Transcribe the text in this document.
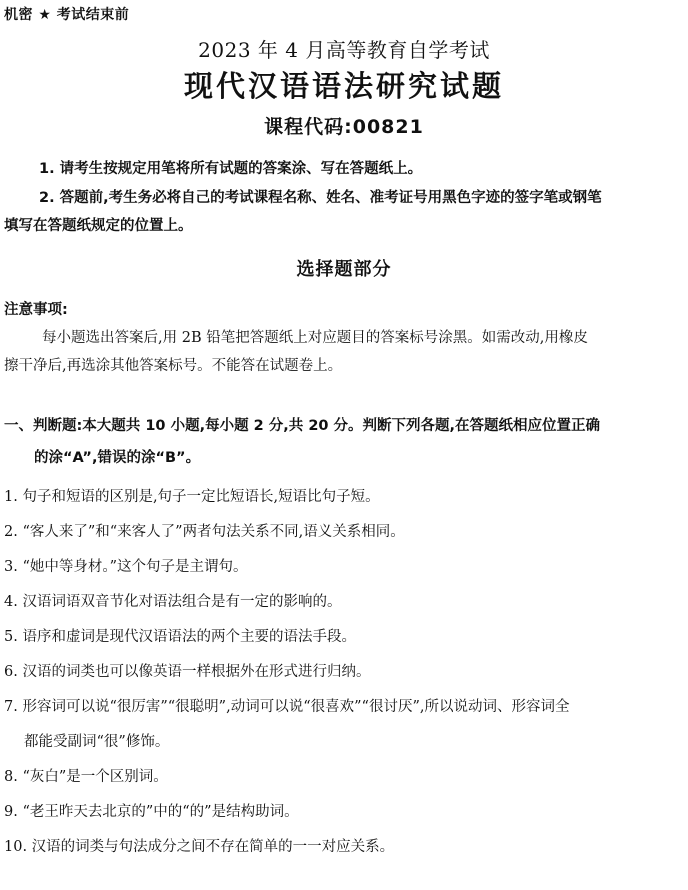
机密 ★ 考试结束前
2023 年 4 月高等教育自学考试
现代汉语语法研究试题
课程代码:00821
1. 请考生按规定用笔将所有试题的答案涂、写在答题纸上。
2. 答题前,考生务必将自己的考试课程名称、姓名、准考证号用黑色字迹的签字笔或钢笔
填写在答题纸规定的位置上。
选择题部分
注意事项:
每小题选出答案后,用 2B 铅笔把答题纸上对应题目的答案标号涂黑。如需改动,用橡皮
擦干净后,再选涂其他答案标号。不能答在试题卷上。
一、判断题:本大题共 10 小题,每小题 2 分,共 20 分。判断下列各题,在答题纸相应位置正确
的涂“A”,错误的涂“B”。
1. 句子和短语的区别是,句子一定比短语长,短语比句子短。
2. “客人来了”和“来客人了”两者句法关系不同,语义关系相同。
3. “她中等身材。”这个句子是主谓句。
4. 汉语词语双音节化对语法组合是有一定的影响的。
5. 语序和虚词是现代汉语语法的两个主要的语法手段。
6. 汉语的词类也可以像英语一样根据外在形式进行归纳。
7. 形容词可以说“很厉害”“很聪明”,动词可以说“很喜欢”“很讨厌”,所以说动词、形容词全
都能受副词“很”修饰。
8. “灰白”是一个区别词。
9. “老王昨天去北京的”中的“的”是结构助词。
10. 汉语的词类与句法成分之间不存在简单的一一对应关系。
